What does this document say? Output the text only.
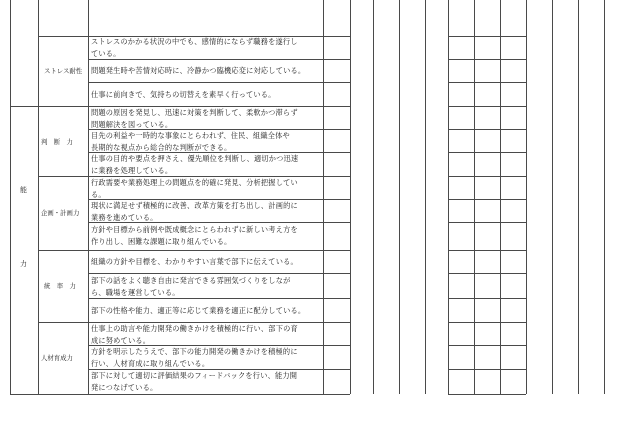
能
力
ストレス耐性
判　断　力
企画・計画力
統　率　力
人材育成力
ストレスのかかる状況の中でも、感情的にならず職務を遂行し
ている。
問題発生時や苦情対応時に、冷静かつ臨機応変に対応している。
仕事に前向きで、気持ちの切替えを素早く行っている。
問題の原因を発見し、迅速に対策を判断して、柔軟かつ滞らず
問題解決を図っている。
目先の利益や一時的な事象にとらわれず、住民、組織全体や
長期的な視点から総合的な判断ができる。
仕事の目的や要点を押さえ、優先順位を判断し、適切かつ迅速
に業務を処理している。
行政需要や業務処理上の問題点を的確に発見、分析把握してい
る。
現状に満足せず積極的に改善、改革方策を打ち出し、計画的に
業務を進めている。
方針や目標から前例や既成概念にとらわれずに新しい考え方を
作り出し、困難な課題に取り組んでいる。
組織の方針や目標を、わかりやすい言葉で部下に伝えている。
部下の話をよく聴き自由に発言できる雰囲気づくりをしなが
ら、職場を運営している。
部下の性格や能力、適正等に応じて業務を適正に配分している。
仕事上の助言や能力開発の働きかけを積極的に行い、部下の育
成に努めている。
方針を明示したうえで、部下の能力開発の働きかけを積極的に
行い、人材育成に取り組んでいる。
部下に対して適切に評価結果のフィードバックを行い、能力開
発につなげている。
